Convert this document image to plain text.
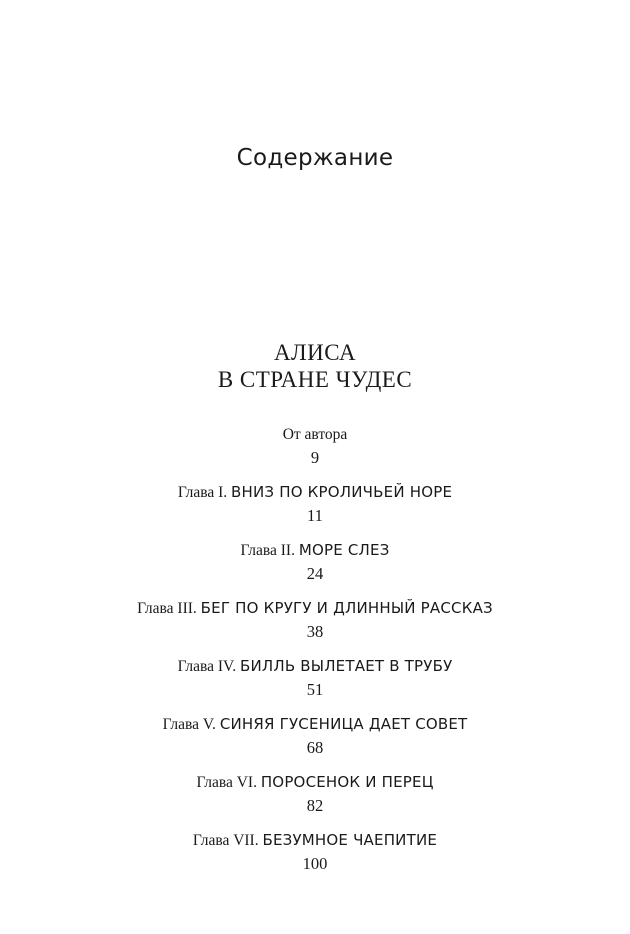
Содержание
АЛИСА
В СТРАНЕ ЧУДЕС
От автора
9
Глава I. ВНИЗ ПО КРОЛИЧЬЕЙ НОРЕ
11
Глава II. МОРЕ СЛЕЗ
24
Глава III. БЕГ ПО КРУГУ И ДЛИННЫЙ РАССКАЗ
38
Глава IV. БИЛЛЬ ВЫЛЕТАЕТ В ТРУБУ
51
Глава V. СИНЯЯ ГУСЕНИЦА ДАЕТ СОВЕТ
68
Глава VI. ПОРОСЕНОК И ПЕРЕЦ
82
Глава VII. БЕЗУМНОЕ ЧАЕПИТИЕ
100
